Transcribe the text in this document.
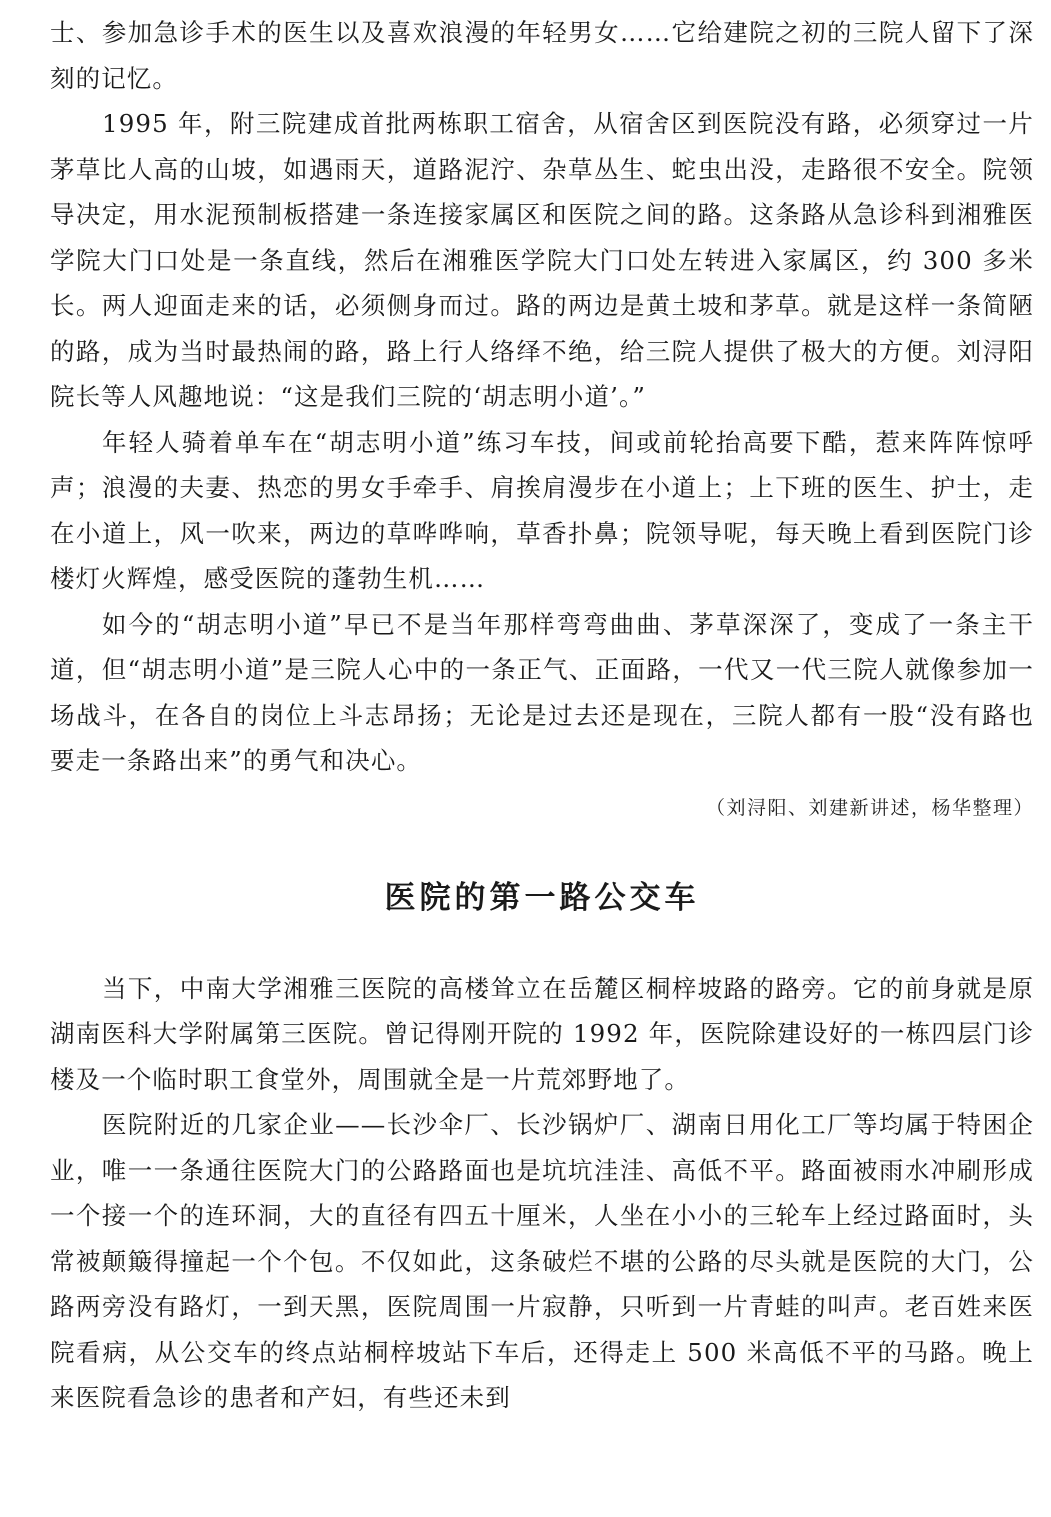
士、参加急诊手术的医生以及喜欢浪漫的年轻男女……它给建院之初的三院人留下了深刻的记忆。

1995 年，附三院建成首批两栋职工宿舍，从宿舍区到医院没有路，必须穿过一片茅草比人高的山坡，如遇雨天，道路泥泞、杂草丛生、蛇虫出没，走路很不安全。院领导决定，用水泥预制板搭建一条连接家属区和医院之间的路。这条路从急诊科到湘雅医学院大门口处是一条直线，然后在湘雅医学院大门口处左转进入家属区，约 300 多米长。两人迎面走来的话，必须侧身而过。路的两边是黄土坡和茅草。就是这样一条简陋的路，成为当时最热闹的路，路上行人络绎不绝，给三院人提供了极大的方便。刘浔阳院长等人风趣地说：“这是我们三院的‘胡志明小道’。”

年轻人骑着单车在“胡志明小道”练习车技，间或前轮抬高要下酷，惹来阵阵惊呼声；浪漫的夫妻、热恋的男女手牵手、肩挨肩漫步在小道上；上下班的医生、护士，走在小道上，风一吹来，两边的草哗哗响，草香扑鼻；院领导呢，每天晚上看到医院门诊楼灯火辉煌，感受医院的蓬勃生机……

如今的“胡志明小道”早已不是当年那样弯弯曲曲、茅草深深了，变成了一条主干道，但“胡志明小道”是三院人心中的一条正气、正面路，一代又一代三院人就像参加一场战斗，在各自的岗位上斗志昂扬；无论是过去还是现在，三院人都有一股“没有路也要走一条路出来”的勇气和决心。

（刘浔阳、刘建新讲述，杨华整理）

医院的第一路公交车

当下，中南大学湘雅三医院的高楼耸立在岳麓区桐梓坡路的路旁。它的前身就是原湖南医科大学附属第三医院。曾记得刚开院的 1992 年，医院除建设好的一栋四层门诊楼及一个临时职工食堂外，周围就全是一片荒郊野地了。

医院附近的几家企业——长沙伞厂、长沙锅炉厂、湖南日用化工厂等均属于特困企业，唯一一条通往医院大门的公路路面也是坑坑洼洼、高低不平。路面被雨水冲刷形成一个接一个的连环洞，大的直径有四五十厘米，人坐在小小的三轮车上经过路面时，头常被颠簸得撞起一个个包。不仅如此，这条破烂不堪的公路的尽头就是医院的大门，公路两旁没有路灯，一到天黑，医院周围一片寂静，只听到一片青蛙的叫声。老百姓来医院看病，从公交车的终点站桐梓坡站下车后，还得走上 500 米高低不平的马路。晚上来医院看急诊的患者和产妇，有些还未到
